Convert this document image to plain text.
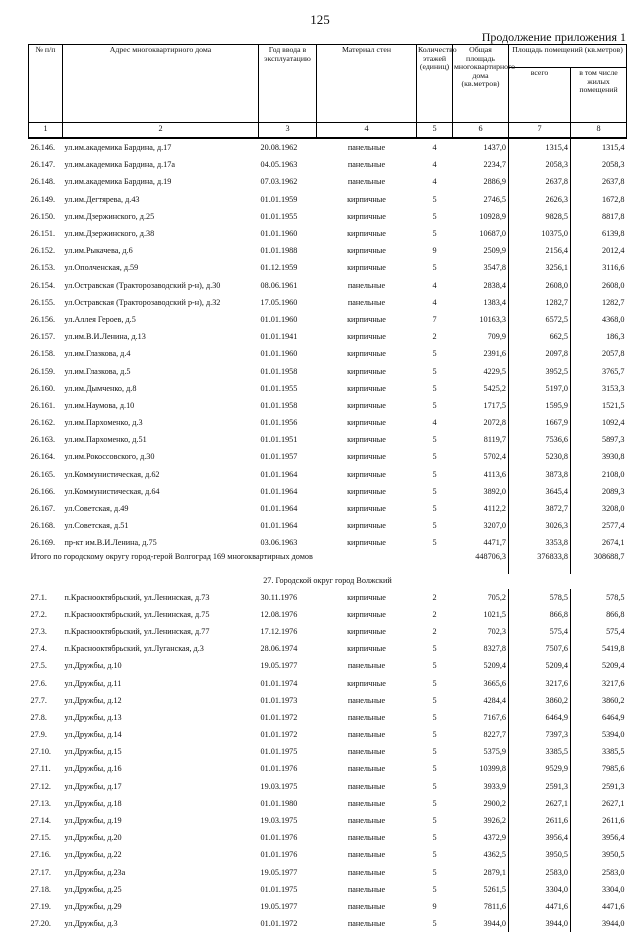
125
Продолжение приложения 1
№ п/п	Адрес многоквартирного дома	Год ввода в эксплуатацию	Материал стен	Количество этажей (единиц)	Общая площадь многоквартирного дома (кв.метров)	Площадь помещений (кв.метров)	
						всего	в том числе жилых помещений
1	2	3	4	5	6	7	8
26.146.	ул.им.академика Бардина, д.17	20.08.1962	панельные	4	1437,0	1315,4	1315,4
26.147.	ул.им.академика Бардина, д.17а	04.05.1963	панельные	4	2234,7	2058,3	2058,3
26.148.	ул.им.академика Бардина, д.19	07.03.1962	панельные	4	2886,9	2637,8	2637,8
26.149.	ул.им.Дегтярева, д.43	01.01.1959	кирпичные	5	2746,5	2626,3	1672,8
26.150.	ул.им.Дзержинского, д.25	01.01.1955	кирпичные	5	10928,9	9828,5	8817,8
26.151.	ул.им.Дзержинского, д.38	01.01.1960	кирпичные	5	10687,0	10375,0	6139,8
26.152.	ул.им.Рыкачева, д.6	01.01.1988	кирпичные	9	2509,9	2156,4	2012,4
26.153.	ул.Ополченская, д.59	01.12.1959	кирпичные	5	3547,8	3256,1	3116,6
26.154.	ул.Остравская (Тракторозаводский р-н), д.30	08.06.1961	панельные	4	2838,4	2608,0	2608,0
26.155.	ул.Остравская (Тракторозаводский р-н), д.32	17.05.1960	панельные	4	1383,4	1282,7	1282,7
26.156.	ул.Аллея Героев, д.5	01.01.1960	кирпичные	7	10163,3	6572,5	4368,0
26.157.	ул.им.В.И.Ленина, д.13	01.01.1941	кирпичные	2	709,9	662,5	186,3
26.158.	ул.им.Глазкова, д.4	01.01.1960	кирпичные	5	2391,6	2097,8	2057,8
26.159.	ул.им.Глазкова, д.5	01.01.1958	кирпичные	5	4229,5	3952,5	3765,7
26.160.	ул.им.Дымченко, д.8	01.01.1955	кирпичные	5	5425,2	5197,0	3153,3
26.161.	ул.им.Наумова, д.10	01.01.1958	кирпичные	5	1717,5	1595,9	1521,5
26.162.	ул.им.Пархоменко, д.3	01.01.1956	кирпичные	4	2072,8	1667,9	1092,4
26.163.	ул.им.Пархоменко, д.51	01.01.1951	кирпичные	5	8119,7	7536,6	5897,3
26.164.	ул.им.Рокоссовского, д.30	01.01.1957	кирпичные	5	5702,4	5230,8	3930,8
26.165.	ул.Коммунистическая, д.62	01.01.1964	кирпичные	5	4113,6	3873,8	2108,0
26.166.	ул.Коммунистическая, д.64	01.01.1964	кирпичные	5	3892,0	3645,4	2089,3
26.167.	ул.Советская, д.49	01.01.1964	кирпичные	5	4112,2	3872,7	3208,0
26.168.	ул.Советская, д.51	01.01.1964	кирпичные	5	3207,0	3026,3	2577,4
26.169.	пр-кт им.В.И.Ленина, д.75	03.06.1963	кирпичные	5	4471,7	3353,8	2674,1
Итого по городскому округу город-герой Волгоград 169 многоквартирных домов					448706,3	376833,8	308688,7
27. Городской округ город Волжский							
27.1.	п.Краснооктябрьский, ул.Ленинская, д.73	30.11.1976	кирпичные	2	705,2	578,5	578,5
27.2.	п.Краснооктябрьский, ул.Ленинская, д.75	12.08.1976	кирпичные	2	1021,5	866,8	866,8
27.3.	п.Краснооктябрьский, ул.Ленинская, д.77	17.12.1976	кирпичные	2	702,3	575,4	575,4
27.4.	п.Краснооктябрьский, ул.Луганская, д.3	28.06.1974	кирпичные	5	8327,8	7507,6	5419,8
27.5.	ул.Дружбы, д.10	19.05.1977	панельные	5	5209,4	5209,4	5209,4
27.6.	ул.Дружбы, д.11	01.01.1974	кирпичные	5	3665,6	3217,6	3217,6
27.7.	ул.Дружбы, д.12	01.01.1973	панельные	5	4284,4	3860,2	3860,2
27.8.	ул.Дружбы, д.13	01.01.1972	панельные	5	7167,6	6464,9	6464,9
27.9.	ул.Дружбы, д.14	01.01.1972	панельные	5	8227,7	7397,3	5394,0
27.10.	ул.Дружбы, д.15	01.01.1975	панельные	5	5375,9	3385,5	3385,5
27.11.	ул.Дружбы, д.16	01.01.1976	панельные	5	10399,8	9529,9	7985,6
27.12.	ул.Дружбы, д.17	19.03.1975	панельные	5	3933,9	2591,3	2591,3
27.13.	ул.Дружбы, д.18	01.01.1980	панельные	5	2900,2	2627,1	2627,1
27.14.	ул.Дружбы, д.19	19.03.1975	панельные	5	3926,2	2611,6	2611,6
27.15.	ул.Дружбы, д.20	01.01.1976	панельные	5	4372,9	3956,4	3956,4
27.16.	ул.Дружбы, д.22	01.01.1976	панельные	5	4362,5	3950,5	3950,5
27.17.	ул.Дружбы, д.23а	19.05.1977	панельные	5	2879,1	2583,0	2583,0
27.18.	ул.Дружбы, д.25	01.01.1975	панельные	5	5261,5	3304,0	3304,0
27.19.	ул.Дружбы, д.29	19.05.1977	панельные	9	7811,6	4471,6	4471,6
27.20.	ул.Дружбы, д.3	01.01.1972	панельные	5	3944,0	3944,0	3944,0
